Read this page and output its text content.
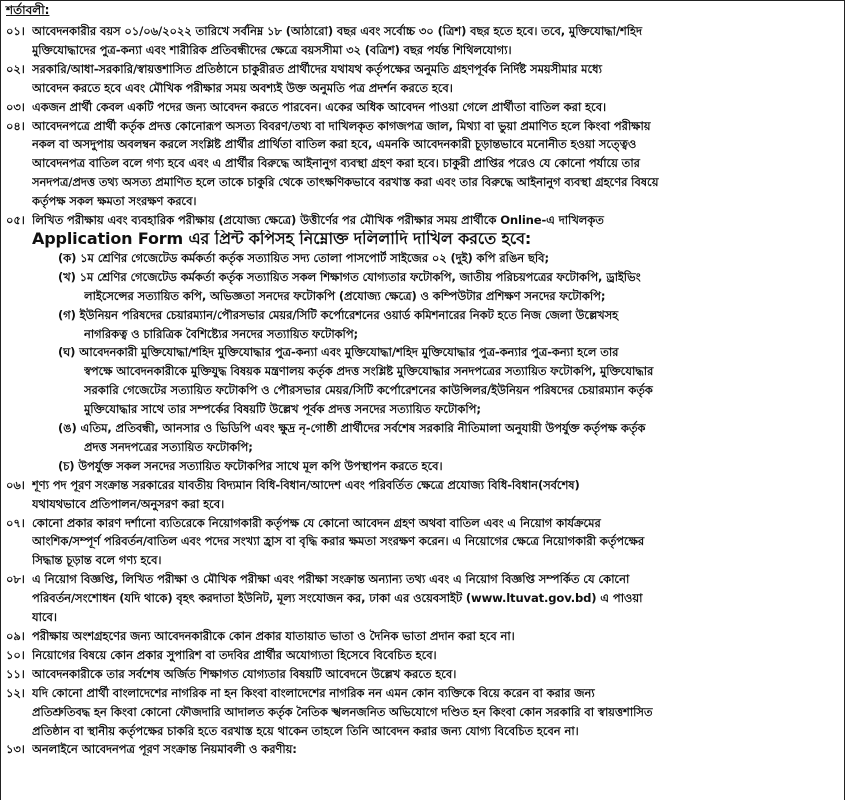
শর্তাবলী:
০১। আবেদনকারীর বয়স ০১/০৬/২০২২ তারিখে সর্বনিম্ন ১৮ (আঠারো) বছর এবং সর্বোচ্চ ৩০ (ত্রিশ) বছর হতে হবে। তবে, মুক্তিযোদ্ধা/শহিদ
মুক্তিযোদ্ধাদের পুত্র-কন্যা এবং শারীরিক প্রতিবন্ধীদের ক্ষেত্রে বয়সসীমা ৩২ (বত্রিশ) বছর পর্যন্ত শিথিলযোগ্য।
০২। সরকারি/আধা-সরকারি/স্বায়ত্তশাসিত প্রতিষ্ঠানে চাকুরীরত প্রার্থীদের যথাযথ কর্তৃপক্ষের অনুমতি গ্রহণপূর্বক নির্দিষ্ট সময়সীমার মধ্যে
আবেদন করতে হবে এবং মৌখিক পরীক্ষার সময় অবশ্যই উক্ত অনুমতি পত্র প্রদর্শন করতে হবে।
০৩। একজন প্রার্থী কেবল একটি পদের জন্য আবেদন করতে পারবেন। একের অধিক আবেদন পাওয়া গেলে প্রার্থীতা বাতিল করা হবে।
০৪। আবেদনপত্রে প্রার্থী কর্তৃক প্রদত্ত কোনোরূপ অসত্য বিবরণ/তথ্য বা দাখিলকৃত কাগজপত্র জাল, মিথ্যা বা ভুয়া প্রমাণিত হলে কিংবা পরীক্ষায়
নকল বা অসদুপায় অবলম্বন করলে সংশ্লিষ্ট প্রার্থীর প্রার্থিতা বাতিল করা হবে, এমনকি আবেদনকারী চূড়ান্তভাবে মনোনীত হওয়া সত্ত্বেও
আবেদনপত্র বাতিল বলে গণ্য হবে এবং এ প্রার্থীর বিরুদ্ধে আইনানুগ ব্যবস্থা গ্রহণ করা হবে। চাকুরী প্রাপ্তির পরেও যে কোনো পর্যায়ে তার
সনদপত্র/প্রদত্ত তথ্য অসত্য প্রমাণিত হলে তাকে চাকুরি থেকে তাৎক্ষণিকভাবে বরখাস্ত করা এবং তার বিরুদ্ধে আইনানুগ ব্যবস্থা গ্রহণের বিষয়ে
কর্তৃপক্ষ সকল ক্ষমতা সংরক্ষণ করবে।
০৫। লিখিত পরীক্ষায় এবং ব্যবহারিক পরীক্ষায় (প্রযোজ্য ক্ষেত্রে) উত্তীর্ণের পর মৌখিক পরীক্ষার সময় প্রার্থীকে Online-এ দাখিলকৃত
Application Form এর প্রিন্ট কপিসহ নিম্নোক্ত দলিলাদি দাখিল করতে হবে:
(ক) ১ম শ্রেণির গেজেটেড কর্মকর্তা কর্তৃক সত্যায়িত সদ্য তোলা পাসপোর্ট সাইজের ০২ (দুই) কপি রঙিন ছবি;
(খ) ১ম শ্রেণির গেজেটেড কর্মকর্তা কর্তৃক সত্যায়িত সকল শিক্ষাগত যোগ্যতার ফটোকপি, জাতীয় পরিচয়পত্রের ফটোকপি, ড্রাইভিং
লাইসেন্সের সত্যায়িত কপি, অভিজ্ঞতা সনদের ফটোকপি (প্রযোজ্য ক্ষেত্রে) ও কম্পিউটার প্রশিক্ষণ সনদের ফটোকপি;
(গ) ইউনিয়ন পরিষদের চেয়ারম্যান/পৌরসভার মেয়র/সিটি কর্পোরেশনের ওয়ার্ড কমিশনারের নিকট হতে নিজ জেলা উল্লেখসহ
নাগরিকত্ব ও চারিত্রিক বৈশিষ্ট্যের সনদের সত্যায়িত ফটোকপি;
(ঘ) আবেদনকারী মুক্তিযোদ্ধা/শহিদ মুক্তিযোদ্ধার পুত্র-কন্যা এবং মুক্তিযোদ্ধা/শহিদ মুক্তিযোদ্ধার পুত্র-কন্যার পুত্র-কন্যা হলে তার
স্বপক্ষে আবেদনকারীকে মুক্তিযুদ্ধ বিষয়ক মন্ত্রণালয় কর্তৃক প্রদত্ত সংশ্লিষ্ট মুক্তিযোদ্ধার সনদপত্রের সত্যায়িত ফটোকপি, মুক্তিযোদ্ধার
সরকারি গেজেটের সত্যায়িত ফটোকপি ও পৌরসভার মেয়র/সিটি কর্পোরেশনের কাউন্সিলর/ইউনিয়ন পরিষদের চেয়ারম্যান কর্তৃক
মুক্তিযোদ্ধার সাথে তার সম্পর্কের বিষয়টি উল্লেখ পূর্বক প্রদত্ত সনদের সত্যায়িত ফটোকপি;
(ঙ) এতিম, প্রতিবন্ধী, আনসার ও ভিডিপি এবং ক্ষুদ্র নৃ-গোষ্ঠী প্রার্থীদের সর্বশেষ সরকারি নীতিমালা অনুযায়ী উপর্যুক্ত কর্তৃপক্ষ কর্তৃক
প্রদত্ত সনদপত্রের সত্যায়িত ফটোকপি;
(চ) উপর্যুক্ত সকল সনদের সত্যায়িত ফটোকপির সাথে মূল কপি উপস্থাপন করতে হবে।
০৬। শূণ্য পদ পূরণ সংক্রান্ত সরকারের যাবতীয় বিদ্যমান বিধি-বিধান/আদেশ এবং পরিবর্তিত ক্ষেত্রে প্রযোজ্য বিধি-বিধান(সর্বশেষ)
যথাযথভাবে প্রতিপালন/অনুসরণ করা হবে।
০৭। কোনো প্রকার কারণ দর্শানো ব্যতিরেকে নিয়োগকারী কর্তৃপক্ষ যে কোনো আবেদন গ্রহণ অথবা বাতিল এবং এ নিয়োগ কার্যক্রমের
আংশিক/সম্পূর্ণ পরিবর্তন/বাতিল এবং পদের সংখ্যা হ্রাস বা বৃদ্ধি করার ক্ষমতা সংরক্ষণ করেন। এ নিয়োগের ক্ষেত্রে নিয়োগকারী কর্তৃপক্ষের
সিদ্ধান্ত চূড়ান্ত বলে গণ্য হবে।
০৮। এ নিয়োগ বিজ্ঞপ্তি, লিখিত পরীক্ষা ও মৌখিক পরীক্ষা এবং পরীক্ষা সংক্রান্ত অন্যান্য তথ্য এবং এ নিয়োগ বিজ্ঞপ্তি সম্পর্কিত যে কোনো
পরিবর্তন/সংশোধন (যদি থাকে) বৃহৎ করদাতা ইউনিট, মূল্য সংযোজন কর, ঢাকা এর ওয়েবসাইট (www.ltuvat.gov.bd) এ পাওয়া
যাবে।
০৯। পরীক্ষায় অংশগ্রহণের জন্য আবেদনকারীকে কোন প্রকার যাতায়াত ভাতা ও দৈনিক ভাতা প্রদান করা হবে না।
১০। নিয়োগের বিষয়ে কোন প্রকার সুপারিশ বা তদবির প্রার্থীর অযোগ্যতা হিসেবে বিবেচিত হবে।
১১। আবেদনকারীকে তার সর্বশেষ অর্জিত শিক্ষাগত যোগ্যতার বিষয়টি আবেদনে উল্লেখ করতে হবে।
১২। যদি কোনো প্রার্থী বাংলাদেশের নাগরিক না হন কিংবা বাংলাদেশের নাগরিক নন এমন কোন ব্যক্তিকে বিয়ে করেন বা করার জন্য
প্রতিশ্রুতিবদ্ধ হন কিংবা কোনো ফৌজদারি আদালত কর্তৃক নৈতিক স্খলনজনিত অভিযোগে দণ্ডিত হন কিংবা কোন সরকারি বা স্বায়ত্তশাসিত
প্রতিষ্ঠান বা স্থানীয় কর্তৃপক্ষের চাকরি হতে বরখাস্ত হয়ে থাকেন তাহলে তিনি আবেদন করার জন্য যোগ্য বিবেচিত হবেন না।
১৩। অনলাইনে আবেদনপত্র পূরণ সংক্রান্ত নিয়মাবলী ও করণীয়:
